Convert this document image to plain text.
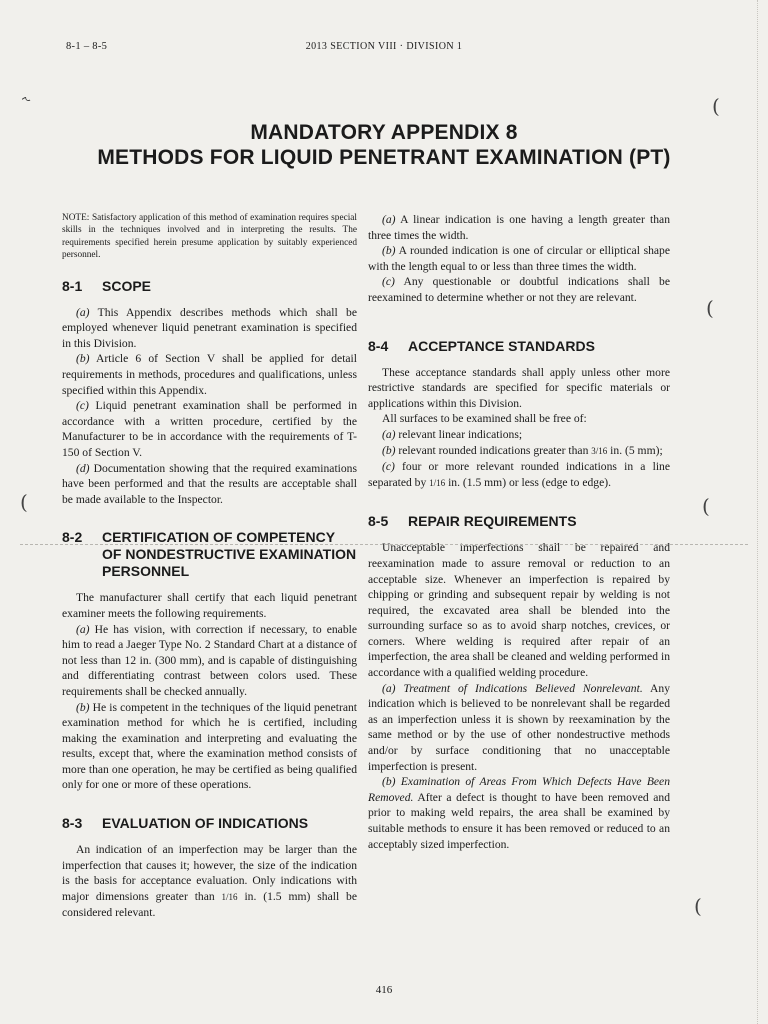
8-1 – 8-5	2013 SECTION VIII · DIVISION 1
MANDATORY APPENDIX 8
METHODS FOR LIQUID PENETRANT EXAMINATION (PT)

NOTE: Satisfactory application of this method of examination requires special skills in the techniques involved and in interpreting the results. The requirements specified herein presume application by suitably experienced personnel.

8-1	SCOPE

(a) This Appendix describes methods which shall be employed whenever liquid penetrant examination is specified in this Division.

(b) Article 6 of Section V shall be applied for detail requirements in methods, procedures and qualifications, unless specified within this Appendix.

(c) Liquid penetrant examination shall be performed in accordance with a written procedure, certified by the Manufacturer to be in accordance with the requirements of T-150 of Section V.

(d) Documentation showing that the required examinations have been performed and that the results are acceptable shall be made available to the Inspector.

8-2	CERTIFICATION OF COMPETENCY OF NONDESTRUCTIVE EXAMINATION PERSONNEL

The manufacturer shall certify that each liquid penetrant examiner meets the following requirements.

(a) He has vision, with correction if necessary, to enable him to read a Jaeger Type No. 2 Standard Chart at a distance of not less than 12 in. (300 mm), and is capable of distinguishing and differentiating contrast between colors used. These requirements shall be checked annually.

(b) He is competent in the techniques of the liquid penetrant examination method for which he is certified, including making the examination and interpreting and evaluating the results, except that, where the examination method consists of more than one operation, he may be certified as being qualified only for one or more of these operations.

8-3	EVALUATION OF INDICATIONS

An indication of an imperfection may be larger than the imperfection that causes it; however, the size of the indication is the basis for acceptance evaluation. Only indications with major dimensions greater than 1/16 in. (1.5 mm) shall be considered relevant.

(a) A linear indication is one having a length greater than three times the width.

(b) A rounded indication is one of circular or elliptical shape with the length equal to or less than three times the width.

(c) Any questionable or doubtful indications shall be reexamined to determine whether or not they are relevant.

8-4	ACCEPTANCE STANDARDS

These acceptance standards shall apply unless other more restrictive standards are specified for specific materials or applications within this Division.

All surfaces to be examined shall be free of:

(a) relevant linear indications;

(b) relevant rounded indications greater than 3/16 in. (5 mm);

(c) four or more relevant rounded indications in a line separated by 1/16 in. (1.5 mm) or less (edge to edge).

8-5	REPAIR REQUIREMENTS

Unacceptable imperfections shall be repaired and reexamination made to assure removal or reduction to an acceptable size. Whenever an imperfection is repaired by chipping or grinding and subsequent repair by welding is not required, the excavated area shall be blended into the surrounding surface so as to avoid sharp notches, crevices, or corners. Where welding is required after repair of an imperfection, the area shall be cleaned and welding performed in accordance with a qualified welding procedure.

(a) Treatment of Indications Believed Nonrelevant. Any indication which is believed to be nonrelevant shall be regarded as an imperfection unless it is shown by reexamination by the same method or by the use of other nondestructive methods and/or by surface conditioning that no unacceptable imperfection is present.

(b) Examination of Areas From Which Defects Have Been Removed. After a defect is thought to have been removed and prior to making weld repairs, the area shall be examined by suitable methods to ensure it has been removed or reduced to an acceptably sized imperfection.

˞	(
(
(
(
(
416
